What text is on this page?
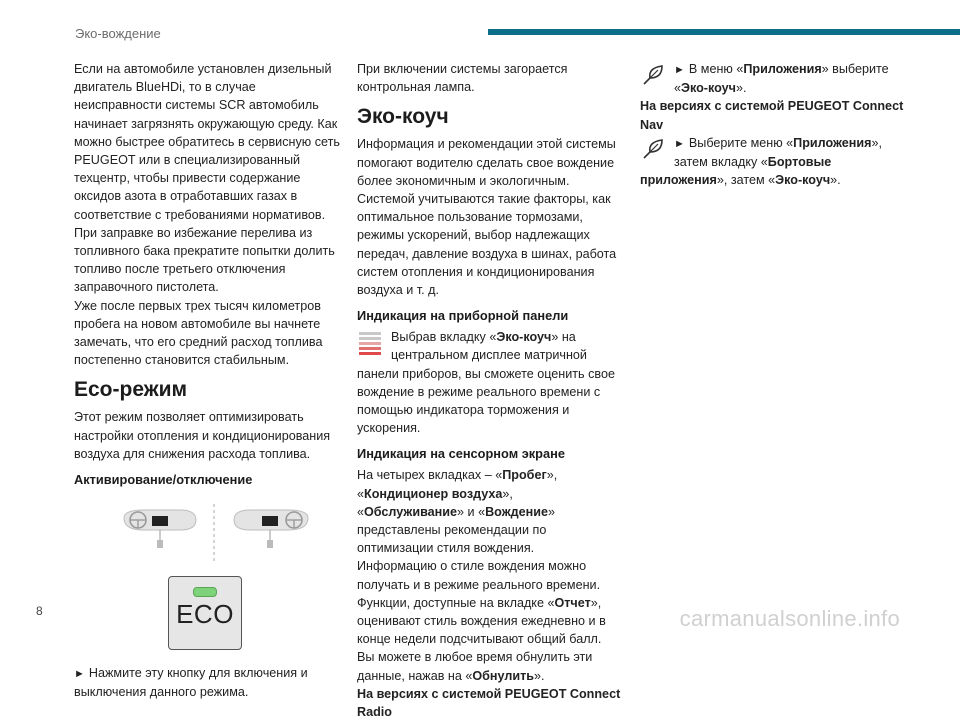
Эко-вождение

Если на автомобиле установлен дизельный двигатель BlueHDi, то в случае неисправности системы SCR автомобиль начинает загрязнять окружающую среду. Как можно быстрее обратитесь в сервисную сеть PEUGEOT или в специализированный техцентр, чтобы привести содержание оксидов азота в отработавших газах в соответствие с требованиями нормативов.

При заправке во избежание перелива из топливного бака прекратите попытки долить топливо после третьего отключения заправочного пистолета.

Уже после первых трех тысяч километров пробега на новом автомобиле вы начнете замечать, что его средний расход топлива постепенно становится стабильным.

Eco-режим

Этот режим позволяет оптимизировать настройки отопления и кондиционирования воздуха для снижения расхода топлива.

Активирование/отключение
ECO

► Нажмите эту кнопку для включения и выключения данного режима.

При включении системы загорается контрольная лампа.

Эко-коуч

Информация и рекомендации этой системы помогают водителю сделать свое вождение более экономичным и экологичным.

Системой учитываются такие факторы, как оптимальное пользование тормозами, режимы ускорений, выбор надлежащих передач, давление воздуха в шинах, работа систем отопления и кондиционирования воздуха и т. д.

Индикация на приборной панели

Выбрав вкладку «Эко-коуч» на центральном дисплее матричной панели приборов, вы сможете оценить свое вождение в режиме реального времени с помощью индикатора торможения и ускорения.

Индикация на сенсорном экране

На четырех вкладках – «Пробег», «Кондиционер воздуха», «Обслуживание» и «Вождение» представлены рекомендации по оптимизации стиля вождения.

Информацию о стиле вождения можно получать и в режиме реального времени.

Функции, доступные на вкладке «Отчет», оценивают стиль вождения ежедневно и в конце недели подсчитывают общий балл.

Вы можете в любое время обнулить эти данные, нажав на «Обнулить».

На версиях с системой PEUGEOT Connect Radio

► В меню «Приложения» выберите «Эко-коуч».

На версиях с системой PEUGEOT Connect Nav

► Выберите меню «Приложения», затем вкладку «Бортовые приложения», затем «Эко-коуч».

8	carmanualsonline.info
